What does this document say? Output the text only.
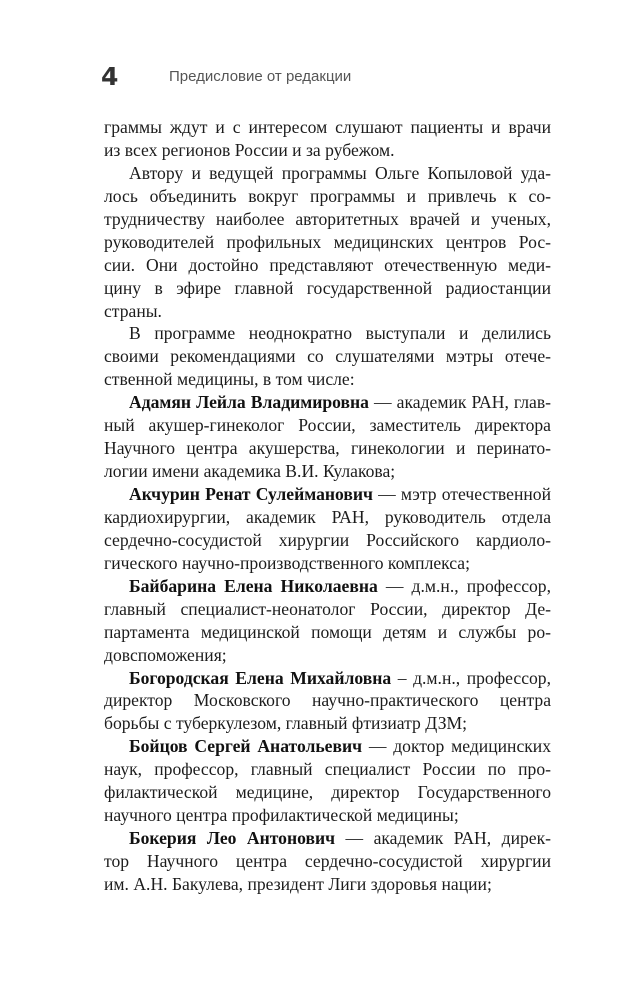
4	Предисловие от редакции
граммы ждут и с интересом слушают пациенты и врачи
из всех регионов России и за рубежом.
Автору и ведущей программы Ольге Копыловой уда-
лось объединить вокруг программы и привлечь к со-
трудничеству наиболее авторитетных врачей и ученых,
руководителей профильных медицинских центров Рос-
сии. Они достойно представляют отечественную меди-
цину в эфире главной государственной радиостанции
страны.
В программе неоднократно выступали и делились
своими рекомендациями со слушателями мэтры отече-
ственной медицины, в том числе:
Адамян Лейла Владимировна — академик РАН, глав-
ный акушер-гинеколог России, заместитель директора
Научного центра акушерства, гинекологии и перинато-
логии имени академика В.И. Кулакова;
Акчурин Ренат Сулейманович — мэтр отечественной
кардиохирургии, академик РАН, руководитель отдела
сердечно-сосудистой хирургии Российского кардиоло-
гического научно-производственного комплекса;
Байбарина Елена Николаевна — д.м.н., профессор,
главный специалист-неонатолог России, директор Де-
партамента медицинской помощи детям и службы ро-
довспоможения;
Богородская Елена Михайловна – д.м.н., профессор,
директор Московского научно-практического центра
борьбы с туберкулезом, главный фтизиатр ДЗМ;
Бойцов Сергей Анатольевич — доктор медицинских
наук, профессор, главный специалист России по про-
филактической медицине, директор Государственного
научного центра профилактической медицины;
Бокерия Лео Антонович — академик РАН, дирек-
тор Научного центра сердечно-сосудистой хирургии
им. А.Н. Бакулева, президент Лиги здоровья нации;
